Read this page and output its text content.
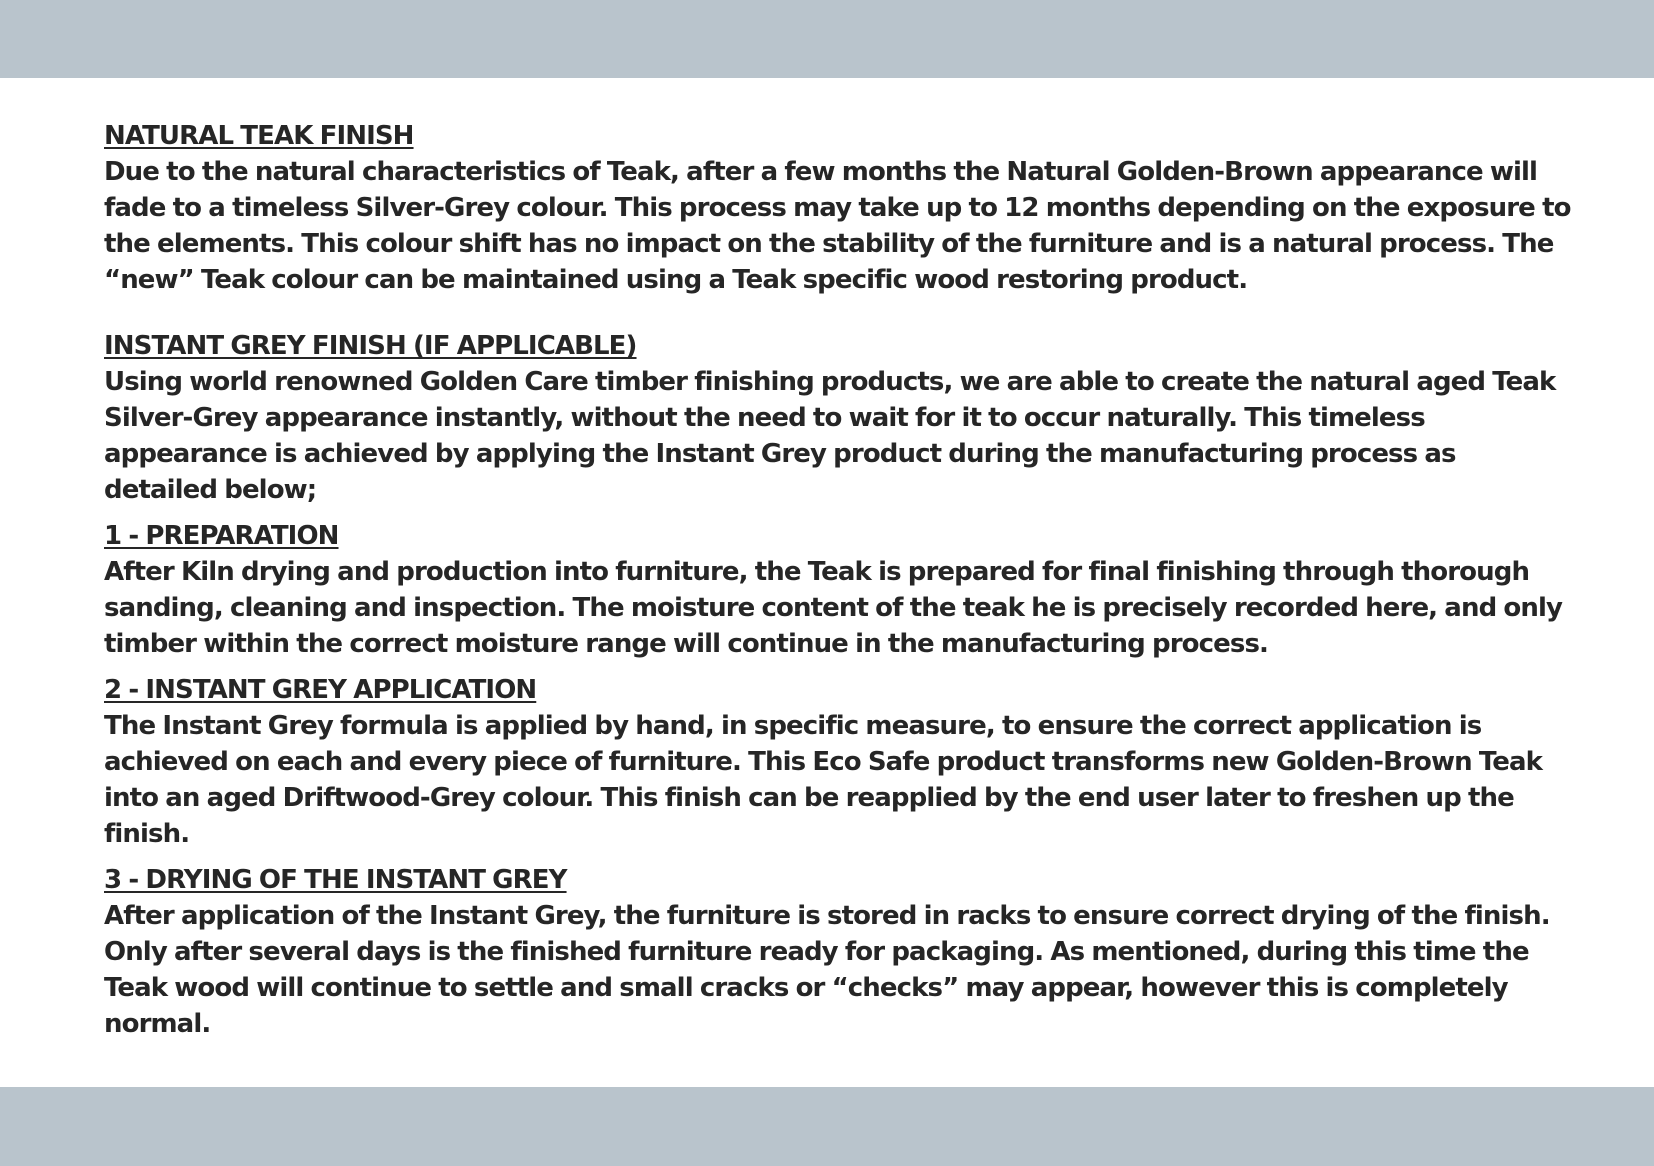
NATURAL TEAK FINISH

Due to the natural characteristics of Teak, after a few months the Natural Golden-Brown appearance will fade to a timeless Silver-Grey colour. This process may take up to 12 months depending on the exposure to the elements. This colour shift has no impact on the stability of the furniture and is a natural process. The “new” Teak colour can be maintained using a Teak specific wood restoring product.

INSTANT GREY FINISH (IF APPLICABLE)

Using world renowned Golden Care timber finishing products, we are able to create the natural aged Teak Silver-Grey appearance instantly, without the need to wait for it to occur naturally. This timeless appearance is achieved by applying the Instant Grey product during the manufacturing process as detailed below;

1 - PREPARATION

After Kiln drying and production into furniture, the Teak is prepared for final finishing through thorough sanding, cleaning and inspection. The moisture content of the teak he is precisely recorded here, and only timber within the correct moisture range will continue in the manufacturing process.

2 - INSTANT GREY APPLICATION

The Instant Grey formula is applied by hand, in specific measure, to ensure the correct application is achieved on each and every piece of furniture. This Eco Safe product transforms new Golden-Brown Teak into an aged Driftwood-Grey colour. This finish can be reapplied by the end user later to freshen up the finish.

3 - DRYING OF THE INSTANT GREY

After application of the Instant Grey, the furniture is stored in racks to ensure correct drying of the finish. Only after several days is the finished furniture ready for packaging. As mentioned, during this time the Teak wood will continue to settle and small cracks or “checks” may appear, however this is completely normal.
